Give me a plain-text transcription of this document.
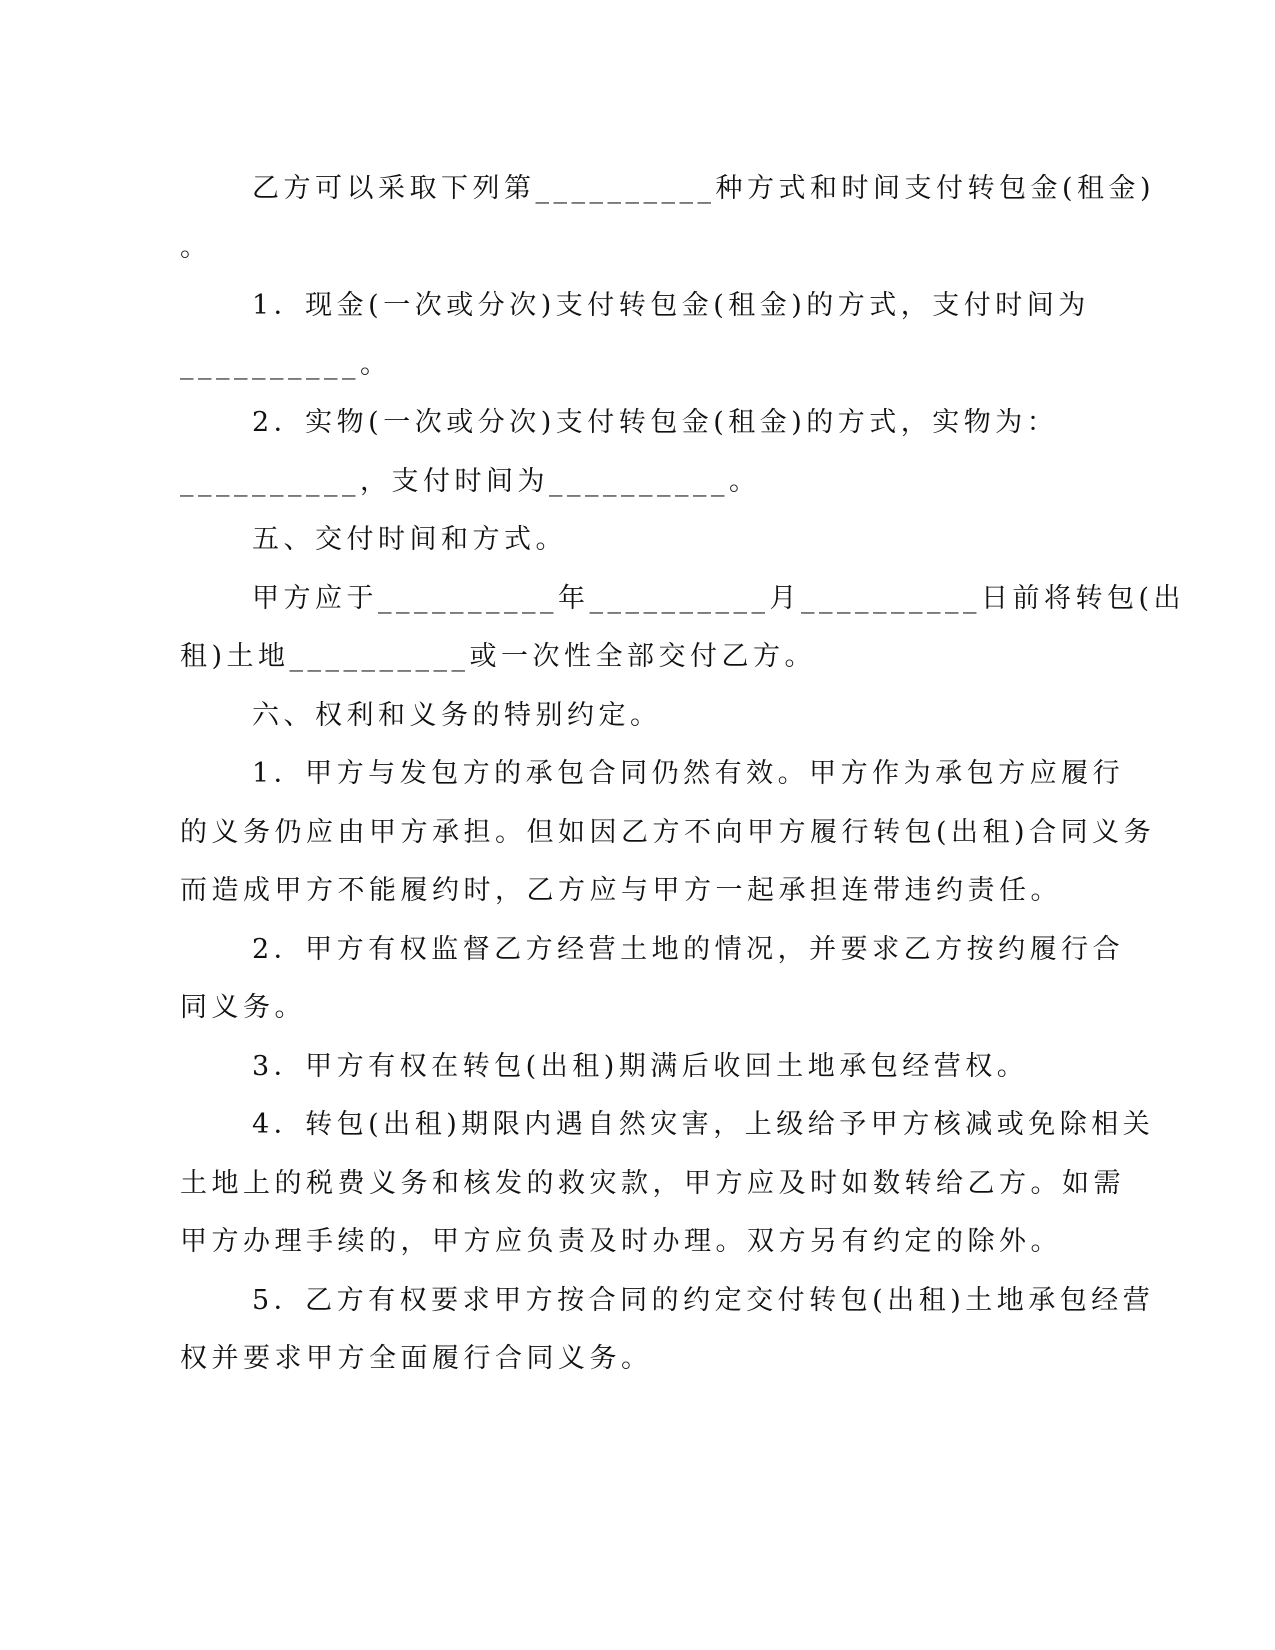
乙方可以采取下列第__________种方式和时间支付转包金(租金)
。
1．现金(一次或分次)支付转包金(租金)的方式，支付时间为
__________。
2．实物(一次或分次)支付转包金(租金)的方式，实物为：
__________，支付时间为__________。
五、交付时间和方式。
甲方应于__________年__________月__________日前将转包(出
租)土地__________或一次性全部交付乙方。
六、权利和义务的特别约定。
1．甲方与发包方的承包合同仍然有效。甲方作为承包方应履行
的义务仍应由甲方承担。但如因乙方不向甲方履行转包(出租)合同义务
而造成甲方不能履约时，乙方应与甲方一起承担连带违约责任。
2．甲方有权监督乙方经营土地的情况，并要求乙方按约履行合
同义务。
3．甲方有权在转包(出租)期满后收回土地承包经营权。
4．转包(出租)期限内遇自然灾害，上级给予甲方核减或免除相关
土地上的税费义务和核发的救灾款，甲方应及时如数转给乙方。如需
甲方办理手续的，甲方应负责及时办理。双方另有约定的除外。
5．乙方有权要求甲方按合同的约定交付转包(出租)土地承包经营
权并要求甲方全面履行合同义务。
